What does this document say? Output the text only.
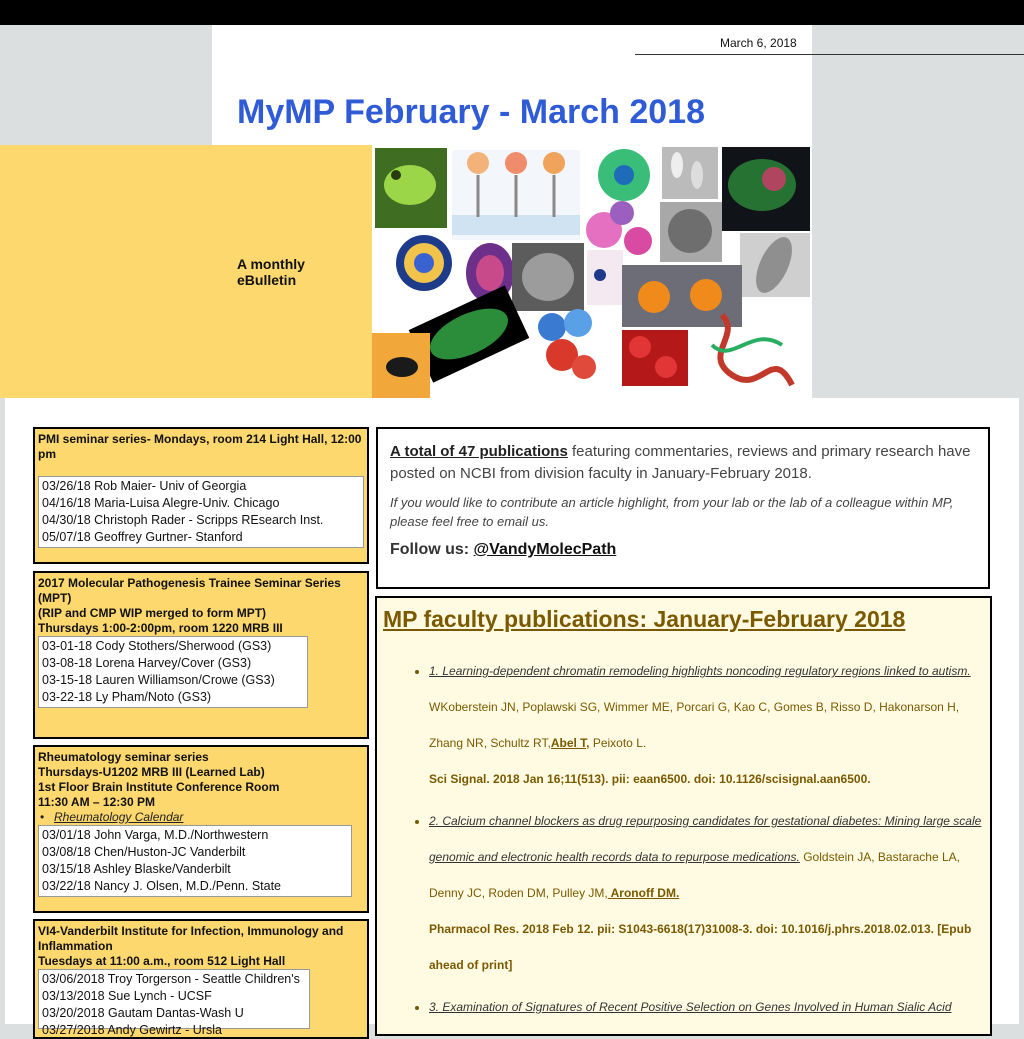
March 6, 2018
MyMP February - March 2018
A monthly eBulletin
PMI seminar series- Mondays, room 214 Light Hall, 12:00 pm
03/26/18 Rob Maier- Univ of Georgia
04/16/18 Maria-Luisa Alegre-Univ. Chicago
04/30/18 Christoph Rader - Scripps REsearch Inst.
05/07/18 Geoffrey Gurtner- Stanford
2017 Molecular Pathogenesis Trainee Seminar Series (MPT)
(RIP and CMP WIP merged to form MPT)
Thursdays 1:00-2:00pm, room 1220 MRB III
03-01-18 Cody Stothers/Sherwood (GS3)
03-08-18 Lorena Harvey/Cover (GS3)
03-15-18 Lauren Williamson/Crowe (GS3)
03-22-18 Ly Pham/Noto (GS3)
Rheumatology seminar series
Thursdays-U1202 MRB III (Learned Lab)
1st Floor Brain Institute Conference Room
11:30 AM – 12:30 PM
• Rheumatology Calendar
03/01/18 John Varga, M.D./Northwestern
03/08/18 Chen/Huston-JC Vanderbilt
03/15/18 Ashley Blaske/Vanderbilt
03/22/18 Nancy J. Olsen, M.D./Penn. State
VI4-Vanderbilt Institute for Infection, Immunology and Inflammation
Tuesdays at 11:00 a.m., room 512 Light Hall
03/06/2018 Troy Torgerson - Seattle Children's
03/13/2018 Sue Lynch - UCSF
03/20/2018 Gautam Dantas-Wash U
03/27/2018 Andy Gewirtz - Ursla

A total of 47 publications featuring commentaries, reviews and primary research have posted on NCBI from division faculty in January-February 2018.

If you would like to contribute an article highlight, from your lab or the lab of a colleague within MP, please feel free to email us.

Follow us: @VandyMolecPath

MP faculty publications: January-February 2018
• 1. Learning-dependent chromatin remodeling highlights noncoding regulatory regions linked to autism.
WKoberstein JN, Poplawski SG, Wimmer ME, Porcari G, Kao C, Gomes B, Risso D, Hakonarson H, Zhang NR, Schultz RT,Abel T, Peixoto L.
Sci Signal. 2018 Jan 16;11(513). pii: eaan6500. doi: 10.1126/scisignal.aan6500.
• 2. Calcium channel blockers as drug repurposing candidates for gestational diabetes: Mining large scale genomic and electronic health records data to repurpose medications. Goldstein JA, Bastarache LA, Denny JC, Roden DM, Pulley JM, Aronoff DM.
Pharmacol Res. 2018 Feb 12. pii: S1043-6618(17)31008-3. doi: 10.1016/j.phrs.2018.02.013. [Epub ahead of print]
• 3. Examination of Signatures of Recent Positive Selection on Genes Involved in Human Sialic Acid
